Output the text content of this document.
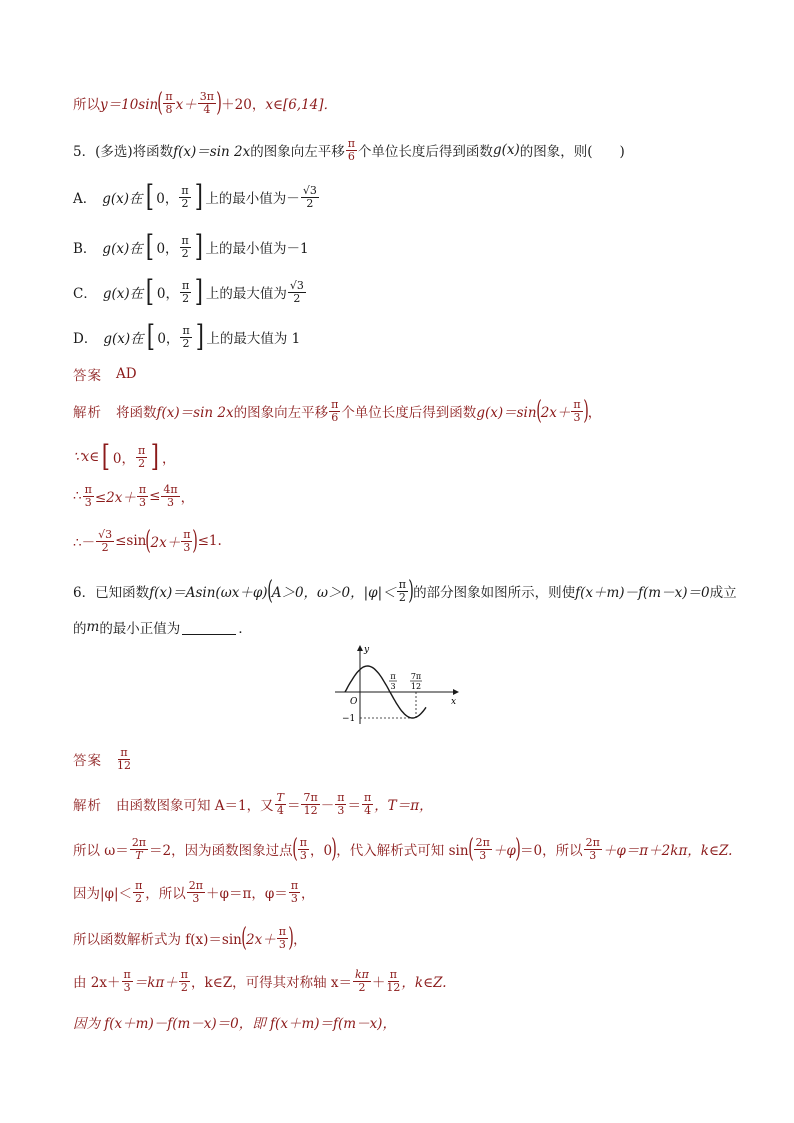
所以 y＝10sin ( $\frac{\pi}{8} x+ \frac{3\pi}{4}$ ) ＋20， x∈[6,14]．
5．(多选)将函数 f(x)＝sin 2x 的图象向左平移 $\frac{\pi}{6}$ 个单位长度后得到函数 g(x) 的图象，则(　　)
A． g(x)在 [ 0， $\frac{\pi}{2}$ ] 上的最小值为－ $\frac{√3}{2}$
B． g(x)在 [ 0， $\frac{\pi}{2}$ ] 上的最小值为－1
C． g(x)在 [ 0， $\frac{\pi}{2}$ ] 上的最大值为 $\frac{√3}{2}$
D． g(x)在 [ 0， $\frac{\pi}{2}$ ] 上的最大值为 1
答案 AD
解析 将函数 f(x)＝sin 2x 的图象向左平移 $\frac{\pi}{6}$ 个单位长度后得到函数 g(x)＝sin ( $2x+ \frac{\pi}{3}$ ) ，
∵x∈ [ 0， $\frac{\pi}{2}$ ] ，
∴ $\frac{\pi}{3} \le 2x+ \frac{\pi}{3} \le \frac{4\pi}{3}$ ，
∴－ $\frac{√3}{2} \le\sin$ ( $2x+ \frac{\pi}{3}$ ) ≤1.
6．已知函数 f(x)＝Asin(ωx＋φ) ( A＞0，ω＞0，$|\varphi|< \frac{\pi}{2}$ ) 的部分图象如图所示，则使 f(x＋m)－f(m－x)＝0 成立
的 m 的最小正值为	．
y
x
O
−1
π
3
7π
12
答案 $\frac{\pi}{12}$
解析 由函数图象可知 A＝1，又 $\frac{T}{4} = \frac{7\pi}{12} - \frac{\pi}{3} = \frac{\pi}{4}$ ，T＝π，
所以 $\omega= \frac{2\pi}{T} =2$，因为函数图象过点 ( $\frac{\pi}{3}$ ，0 ) ，代入解析式可知 sin ( $\frac{2\pi}{3} +\varphi$ ) ＝0，所以 $\frac{2\pi}{3} +\varphi=\pi+2k\pi$，k∈Z.
因为$|\varphi|< \frac{\pi}{2}$ ，所以 $\frac{2\pi}{3} +\varphi=\pi$，$\varphi= \frac{\pi}{3}$ ，
所以函数解析式为 f(x)＝sin ( $2x+ \frac{\pi}{3}$ ) ，
由 $2x+ \frac{\pi}{3} =k\pi+ \frac{\pi}{2}$ ，k∈Z，可得其对称轴 $x= \frac{k\pi}{2} + \frac{\pi}{12}$ ，k∈Z.
因为 f(x＋m)－f(m－x)＝0，即 f(x＋m)＝f(m－x)，
